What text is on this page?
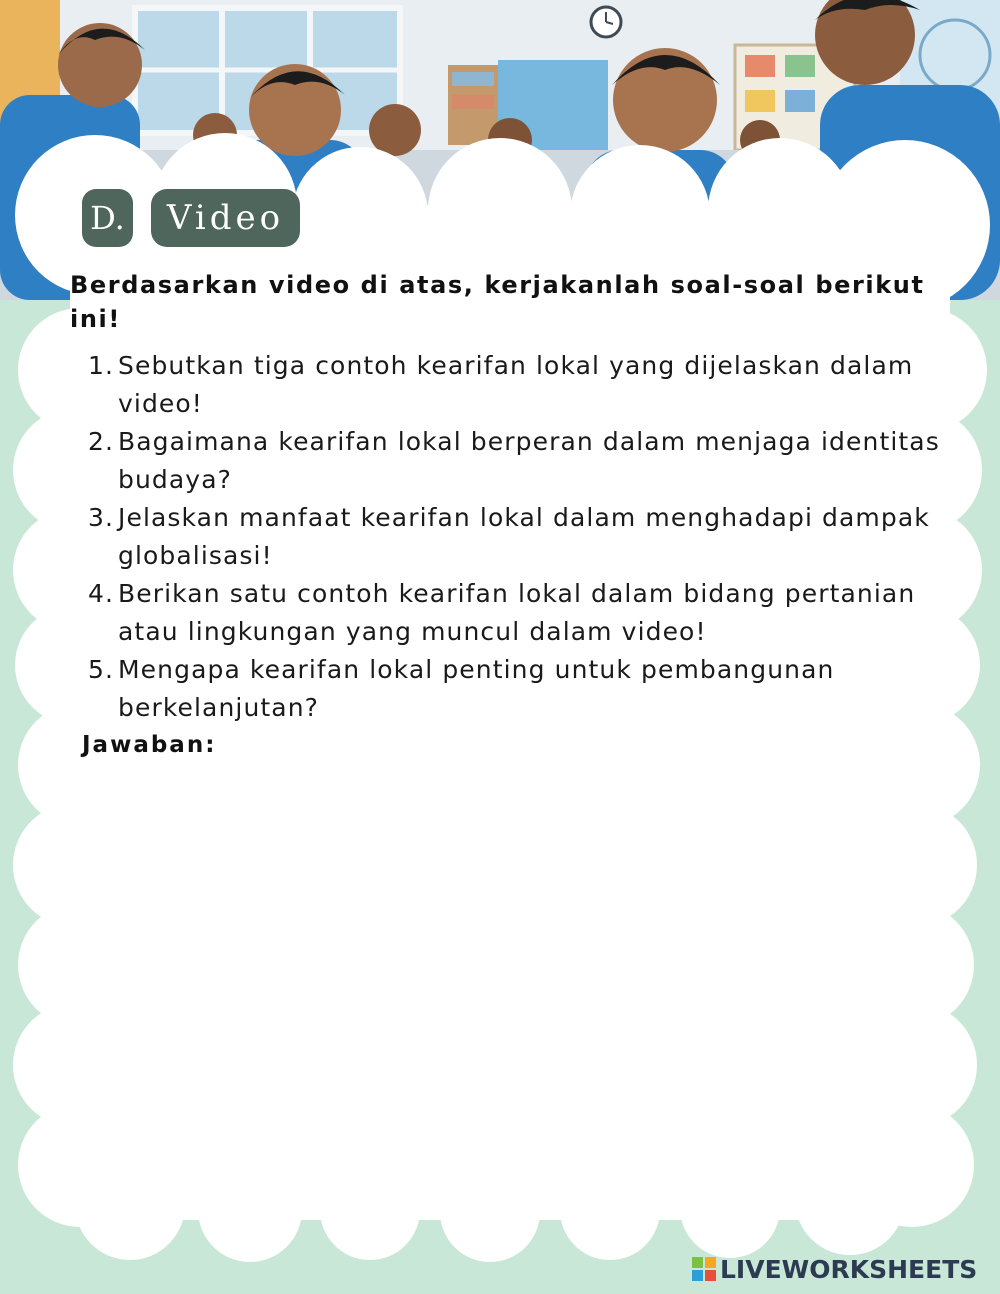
D.	Video

Berdasarkan video di atas, kerjakanlah soal-soal berikut ini!

1. Sebutkan tiga contoh kearifan lokal yang dijelaskan dalam video!
2. Bagaimana kearifan lokal berperan dalam menjaga identitas budaya?
3. Jelaskan manfaat kearifan lokal dalam menghadapi dampak globalisasi!
4. Berikan satu contoh kearifan lokal dalam bidang pertanian atau lingkungan yang muncul dalam video!
5. Mengapa kearifan lokal penting untuk pembangunan berkelanjutan?

Jawaban:

LIVEWORKSHEETS
